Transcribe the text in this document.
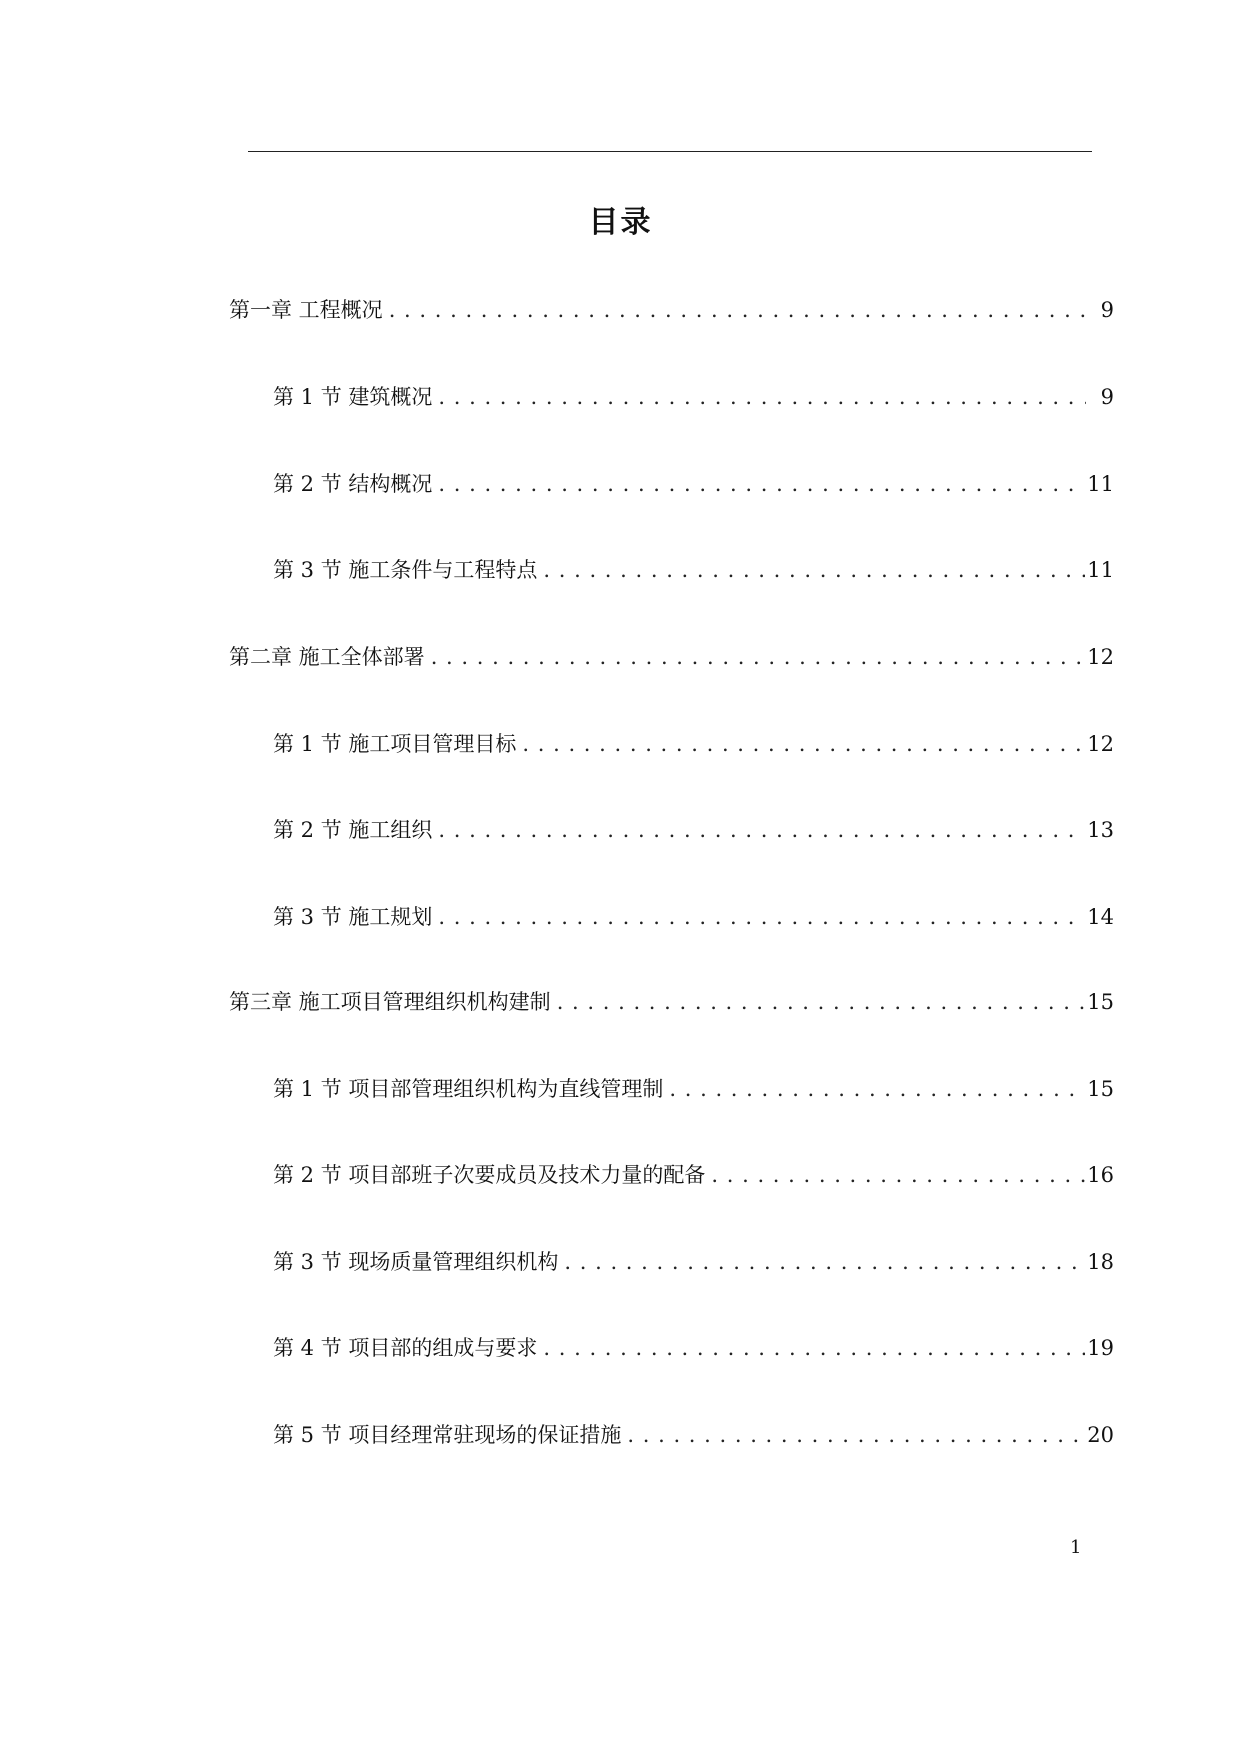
目录
第一章 工程概况 . . .	9
第 1 节 建筑概况 . . .	9
第 2 节 结构概况 . . .	11
第 3 节 施工条件与工程特点 . . .	11
第二章 施工全体部署 . . .	12
第 1 节 施工项目管理目标 . . .	12
第 2 节 施工组织 . . .	13
第 3 节 施工规划 . . .	14
第三章 施工项目管理组织机构建制 . . .	15
第 1 节 项目部管理组织机构为直线管理制 . . .	15
第 2 节 项目部班子次要成员及技术力量的配备 . . .	16
第 3 节 现场质量管理组织机构 . . .	18
第 4 节 项目部的组成与要求 . . .	19
第 5 节 项目经理常驻现场的保证措施 . . .	20
1
